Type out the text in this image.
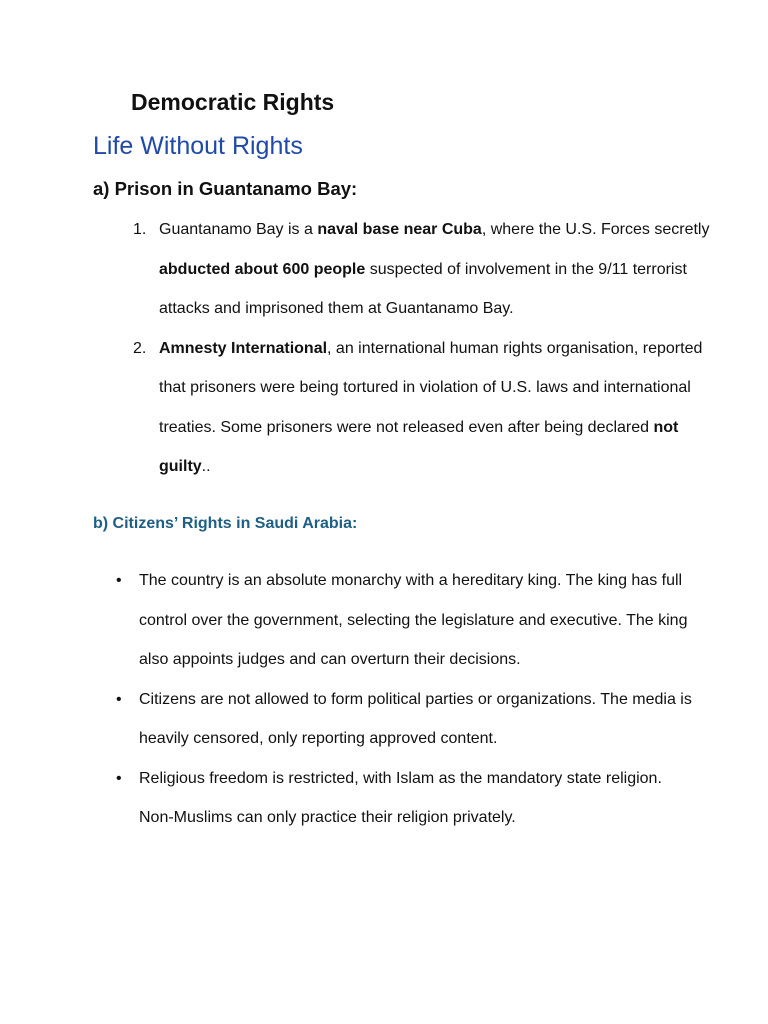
Democratic Rights
Life Without Rights
a) Prison in Guantanamo Bay:
1. Guantanamo Bay is a naval base near Cuba, where the U.S. Forces secretly abducted about 600 people suspected of involvement in the 9/11 terrorist attacks and imprisoned them at Guantanamo Bay.
2. Amnesty International, an international human rights organisation, reported that prisoners were being tortured in violation of U.S. laws and international treaties. Some prisoners were not released even after being declared not guilty..
b) Citizens’ Rights in Saudi Arabia:
• The country is an absolute monarchy with a hereditary king. The king has full control over the government, selecting the legislature and executive. The king also appoints judges and can overturn their decisions.
• Citizens are not allowed to form political parties or organizations. The media is heavily censored, only reporting approved content.
• Religious freedom is restricted, with Islam as the mandatory state religion. Non-Muslims can only practice their religion privately.
